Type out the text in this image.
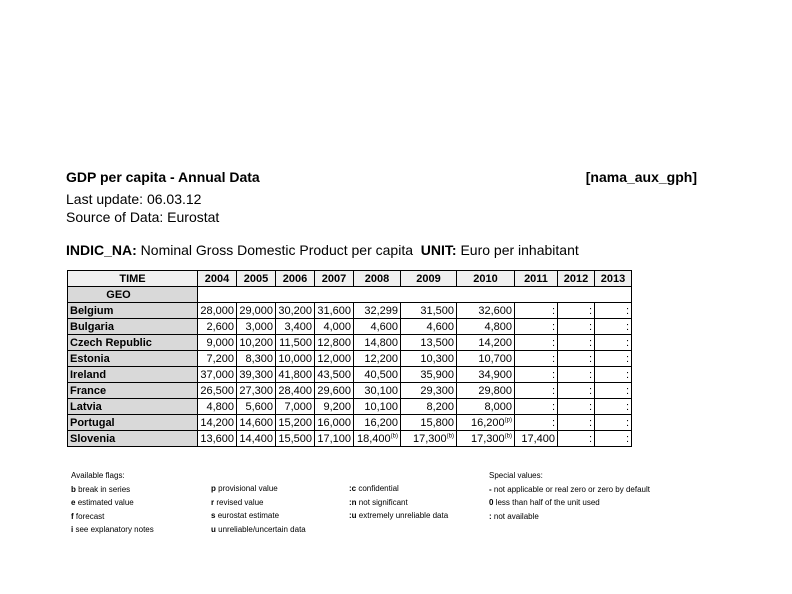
GDP per capita - Annual Data	[nama_aux_gph]
Last update: 06.03.12
Source of Data: Eurostat
INDIC_NA: Nominal Gross Domestic Product per capita UNIT: Euro per inhabitant
TIME	2004	2005	2006	2007	2008	2009	2010	2011	2012	2013
GEO										
Belgium	28,000	29,000	30,200	31,600	32,299	31,500	32,600	:	:	:
Bulgaria	2,600	3,000	3,400	4,000	4,600	4,600	4,800	:	:	:
Czech Republic	9,000	10,200	11,500	12,800	14,800	13,500	14,200	:	:	:
Estonia	7,200	8,300	10,000	12,000	12,200	10,300	10,700	:	:	:
Ireland	37,000	39,300	41,800	43,500	40,500	35,900	34,900	:	:	:
France	26,500	27,300	28,400	29,600	30,100	29,300	29,800	:	:	:
Latvia	4,800	5,600	7,000	9,200	10,100	8,200	8,000	:	:	:
Portugal	14,200	14,600	15,200	16,000	16,200	15,800	16,200$^{(p)}$	:	:	:
Slovenia	13,600	14,400	15,500	17,100	18,400$^{(b)}$	17,300$^{(b)}$	17,300$^{(b)}$	17,400	:	:
Available flags:
b break in series
e estimated value
f forecast
i see explanatory notes
p provisional value
r revised value
s eurostat estimate
u unreliable/uncertain data
:c confidential
:n not significant
:u extremely unreliable data
Special values:
- not applicable or real zero or zero by default
0 less than half of the unit used
: not available
